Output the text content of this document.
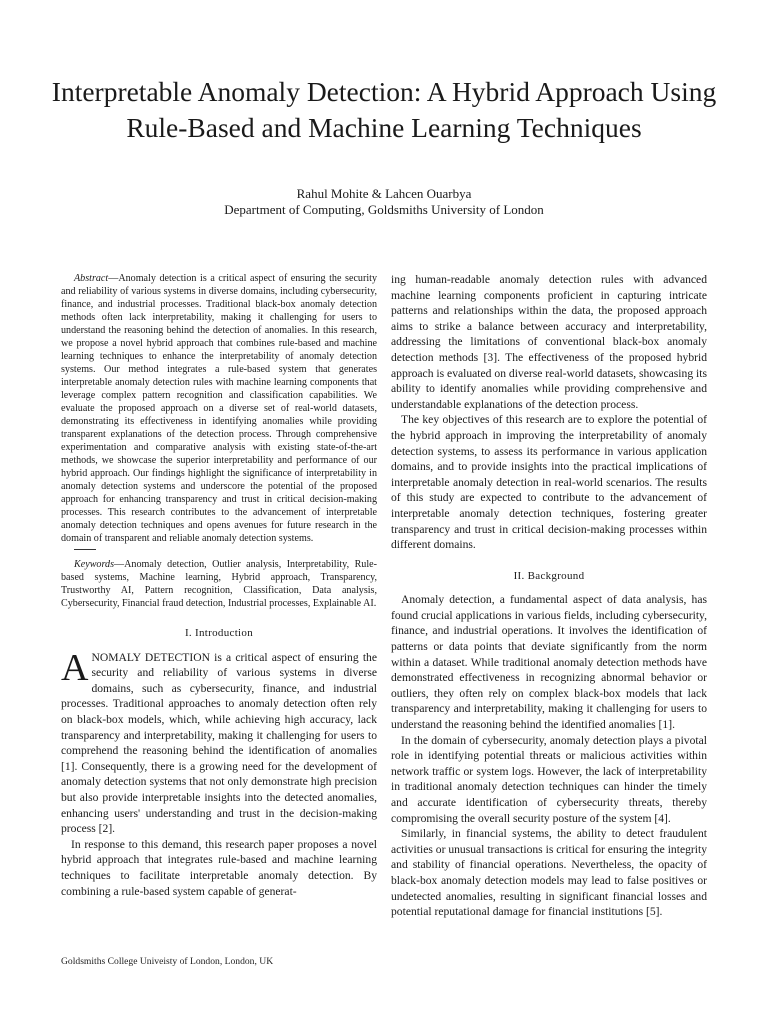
Interpretable Anomaly Detection: A Hybrid Approach Using Rule-Based and Machine Learning Techniques
Rahul Mohite & Lahcen Ouarbya
Department of Computing, Goldsmiths University of London

Abstract—Anomaly detection is a critical aspect of ensuring the security and reliability of various systems in diverse domains, including cybersecurity, finance, and industrial processes. Traditional black-box anomaly detection methods often lack interpretability, making it challenging for users to understand the reasoning behind the detection of anomalies. In this research, we propose a novel hybrid approach that combines rule-based and machine learning techniques to enhance the interpretability of anomaly detection systems. Our method integrates a rule-based system that generates interpretable anomaly detection rules with machine learning components that leverage complex pattern recognition and classification capabilities. We evaluate the proposed approach on a diverse set of real-world datasets, demonstrating its effectiveness in identifying anomalies while providing transparent explanations of the detection process. Through comprehensive experimentation and comparative analysis with existing state-of-the-art methods, we showcase the superior interpretability and performance of our hybrid approach. Our findings highlight the significance of interpretability in anomaly detection systems and underscore the potential of the proposed approach for enhancing transparency and trust in critical decision-making processes. This research contributes to the advancement of interpretable anomaly detection techniques and opens avenues for future research in the domain of transparent and reliable anomaly detection systems.

Keywords—Anomaly detection, Outlier analysis, Interpretability, Rule-based systems, Machine learning, Hybrid approach, Transparency, Trustworthy AI, Pattern recognition, Classification, Data analysis, Cybersecurity, Financial fraud detection, Industrial processes, Explainable AI.

I. Introduction

ANOMALY DETECTION is a critical aspect of ensuring the security and reliability of various systems in diverse domains, such as cybersecurity, finance, and industrial processes. Traditional approaches to anomaly detection often rely on black-box models, which, while achieving high accuracy, lack transparency and interpretability, making it challenging for users to comprehend the reasoning behind the identification of anomalies [1]. Consequently, there is a growing need for the development of anomaly detection systems that not only demonstrate high precision but also provide interpretable insights into the detected anomalies, enhancing users' understanding and trust in the decision-making process [2].

In response to this demand, this research paper proposes a novel hybrid approach that integrates rule-based and machine learning techniques to facilitate interpretable anomaly detection. By combining a rule-based system capable of generat-

ing human-readable anomaly detection rules with advanced machine learning components proficient in capturing intricate patterns and relationships within the data, the proposed approach aims to strike a balance between accuracy and interpretability, addressing the limitations of conventional black-box anomaly detection methods [3]. The effectiveness of the proposed hybrid approach is evaluated on diverse real-world datasets, showcasing its ability to identify anomalies while providing comprehensive and understandable explanations of the detection process.

The key objectives of this research are to explore the potential of the hybrid approach in improving the interpretability of anomaly detection systems, to assess its performance in various application domains, and to provide insights into the practical implications of interpretable anomaly detection in real-world scenarios. The results of this study are expected to contribute to the advancement of interpretable anomaly detection techniques, fostering greater transparency and trust in critical decision-making processes within different domains.

II. Background

Anomaly detection, a fundamental aspect of data analysis, has found crucial applications in various fields, including cybersecurity, finance, and industrial operations. It involves the identification of patterns or data points that deviate significantly from the norm within a dataset. While traditional anomaly detection methods have demonstrated effectiveness in recognizing abnormal behavior or outliers, they often rely on complex black-box models that lack transparency and interpretability, making it challenging for users to understand the reasoning behind the identified anomalies [1].

In the domain of cybersecurity, anomaly detection plays a pivotal role in identifying potential threats or malicious activities within network traffic or system logs. However, the lack of interpretability in traditional anomaly detection techniques can hinder the timely and accurate identification of cybersecurity threats, thereby compromising the overall security posture of the system [4].

Similarly, in financial systems, the ability to detect fraudulent activities or unusual transactions is critical for ensuring the integrity and stability of financial operations. Nevertheless, the opacity of black-box anomaly detection models may lead to false positives or undetected anomalies, resulting in significant financial losses and potential reputational damage for financial institutions [5].

Goldsmiths College Univeisty of London, London, UK
